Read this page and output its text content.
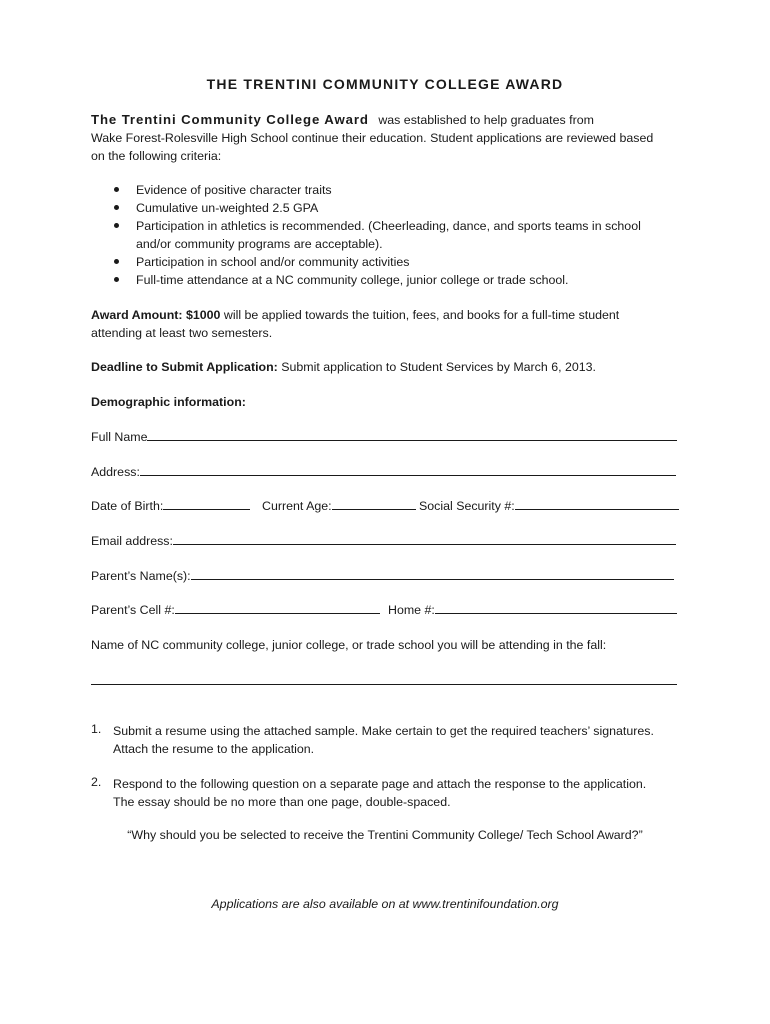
THE TRENTINI COMMUNITY COLLEGE AWARD
The Trentini Community College Award was established to help graduates from
Wake Forest-Rolesville High School continue their education. Student applications are reviewed based
on the following criteria:
Evidence of positive character traits
Cumulative un-weighted 2.5 GPA
Participation in athletics is recommended. (Cheerleading, dance, and sports teams in school
and/or community programs are acceptable).
Participation in school and/or community activities
Full-time attendance at a NC community college, junior college or trade school.
Award Amount: $1000 will be applied towards the tuition, fees, and books for a full-time student
attending at least two semesters.
Deadline to Submit Application: Submit application to Student Services by March 6, 2013.
Demographic information:
Full Name
Address:
Date of Birth:	Current Age:	Social Security #:
Email address:
Parent’s Name(s):
Parent’s Cell #:	Home #:
Name of NC community college, junior college, or trade school you will be attending in the fall:
1. Submit a resume using the attached sample. Make certain to get the required teachers’ signatures.
Attach the resume to the application.
2. Respond to the following question on a separate page and attach the response to the application.
The essay should be no more than one page, double-spaced.
“Why should you be selected to receive the Trentini Community College/ Tech School Award?”
Applications are also available on at www.trentinifoundation.org
